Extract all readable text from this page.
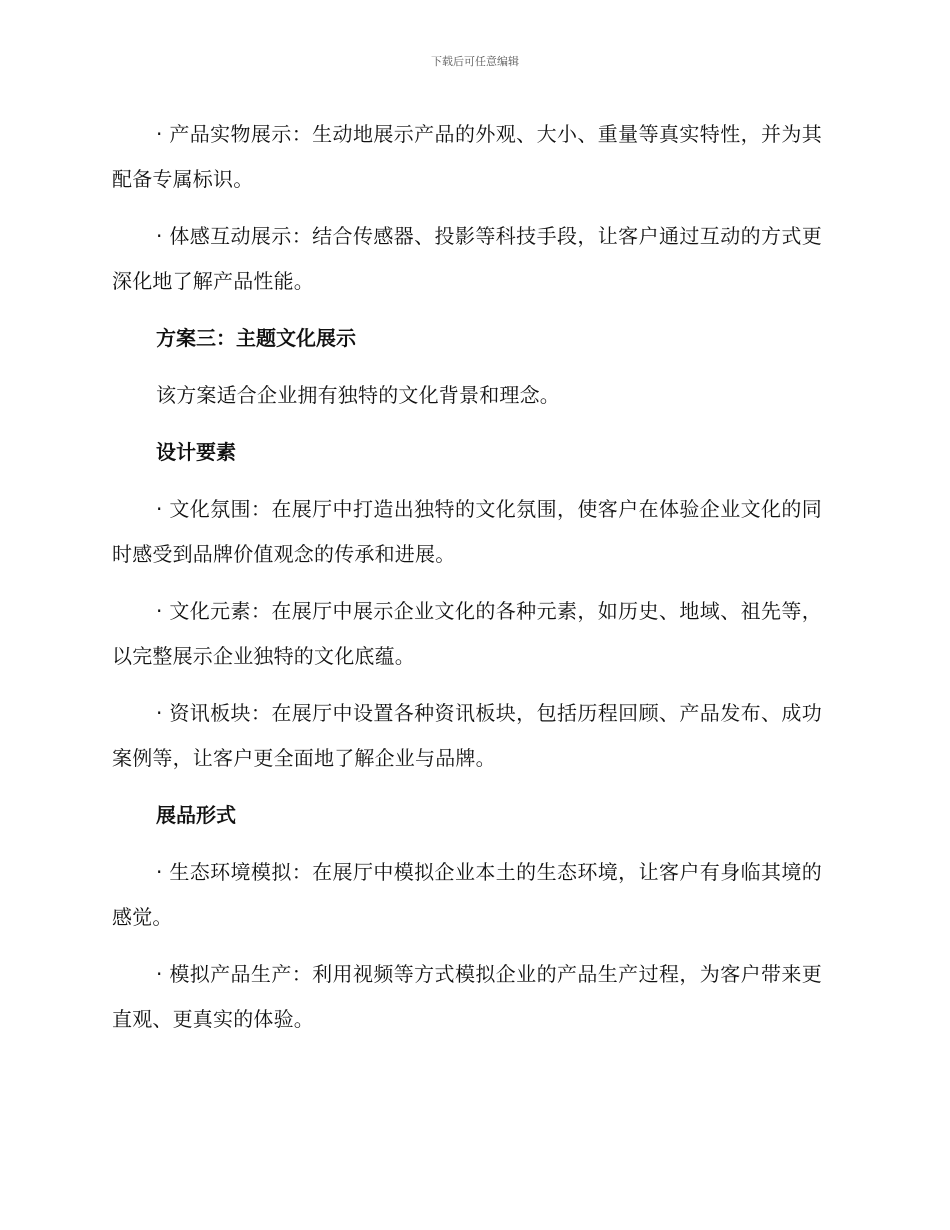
下载后可任意编辑

· 产品实物展示：生动地展示产品的外观、大小、重量等真实特性，并为其配备专属标识。

· 体感互动展示：结合传感器、投影等科技手段，让客户通过互动的方式更深化地了解产品性能。

方案三：主题文化展示

该方案适合企业拥有独特的文化背景和理念。

设计要素

· 文化氛围：在展厅中打造出独特的文化氛围，使客户在体验企业文化的同时感受到品牌价值观念的传承和进展。

· 文化元素：在展厅中展示企业文化的各种元素，如历史、地域、祖先等，以完整展示企业独特的文化底蕴。

· 资讯板块：在展厅中设置各种资讯板块，包括历程回顾、产品发布、成功案例等，让客户更全面地了解企业与品牌。

展品形式

· 生态环境模拟：在展厅中模拟企业本土的生态环境，让客户有身临其境的感觉。

· 模拟产品生产：利用视频等方式模拟企业的产品生产过程，为客户带来更直观、更真实的体验。
